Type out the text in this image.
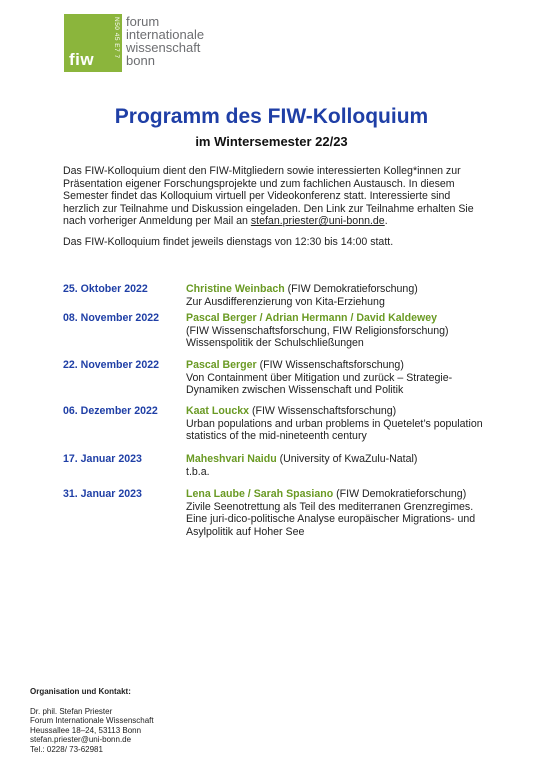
N50 45 E7 7
fiw
forum
internationale
wissenschaft
bonn
Programm des FIW-Kolloquium
im Wintersemester 22/23
Das FIW-Kolloquium dient den FIW-Mitgliedern sowie interessierten Kolleg*innen zur Präsentation eigener Forschungsprojekte und zum fachlichen Austausch. In diesem Semester findet das Kolloquium virtuell per Videokonferenz statt. Interessierte sind herzlich zur Teilnahme und Diskussion eingeladen. Den Link zur Teilnahme erhalten Sie nach vorheriger Anmeldung per Mail an stefan.priester@uni-bonn.de.
Das FIW-Kolloquium findet jeweils dienstags von 12:30 bis 14:00 statt.
25. Oktober 2022	Christine Weinbach (FIW Demokratieforschung)
Zur Ausdifferenzierung von Kita-Erziehung
08. November 2022	Pascal Berger / Adrian Hermann / David Kaldewey
(FIW Wissenschaftsforschung, FIW Religionsforschung)
Wissenspolitik der Schulschließungen
22. November 2022	Pascal Berger (FIW Wissenschaftsforschung)
Von Containment über Mitigation und zurück – Strategie-Dynamiken zwischen Wissenschaft und Politik
06. Dezember 2022	Kaat Louckx (FIW Wissenschaftsforschung)
Urban populations and urban problems in Quetelet’s population statistics of the mid-nineteenth century
17. Januar 2023	Maheshvari Naidu (University of KwaZulu-Natal)
t.b.a.
31. Januar 2023	Lena Laube / Sarah Spasiano (FIW Demokratieforschung)
Zivile Seenotrettung als Teil des mediterranen Grenzregimes. Eine juri-dico-politische Analyse europäischer Migrations- und Asylpolitik auf Hoher See
Organisation und Kontakt:
Dr. phil. Stefan Priester
Forum Internationale Wissenschaft
Heussallee 18–24, 53113 Bonn
stefan.priester@uni-bonn.de
Tel.: 0228/ 73-62981
